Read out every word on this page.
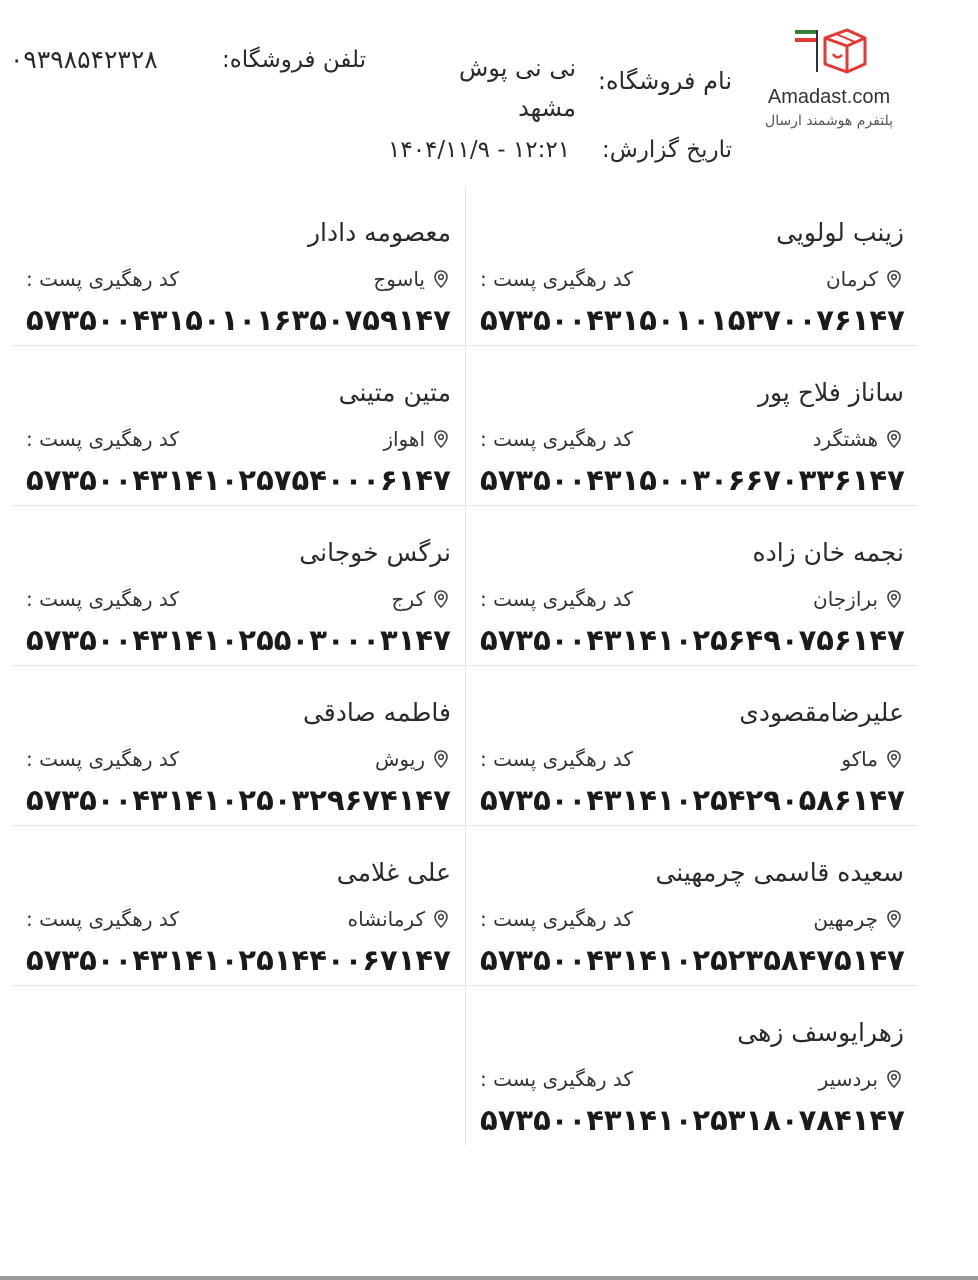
Amadast.com
پلتفرم هوشمند ارسال
نام فروشگاه:
نی نی پوش مشهد
تلفن فروشگاه:
۰۹۳۹۸۵۴۲۳۲۸
تاریخ گزارش:
۱۴۰۴/۱۱/۹ - ۱۲:۲۱
زینب لولویی
کرمان
کد رهگیری پست :
۵۷۳۵۰۰۴۳۱۵۰۱۰۱۵۳۷۰۰۷۶۱۴۷
معصومه دادار
یاسوج
کد رهگیری پست :
۵۷۳۵۰۰۴۳۱۵۰۱۰۱۶۳۵۰۷۵۹۱۴۷
ساناز فلاح پور
هشتگرد
کد رهگیری پست :
۵۷۳۵۰۰۴۳۱۵۰۰۳۰۶۶۷۰۳۳۶۱۴۷
متین متینی
اهواز
کد رهگیری پست :
۵۷۳۵۰۰۴۳۱۴۱۰۲۵۷۵۴۰۰۰۶۱۴۷
نجمه خان زاده
برازجان
کد رهگیری پست :
۵۷۳۵۰۰۴۳۱۴۱۰۲۵۶۴۹۰۷۵۶۱۴۷
نرگس خوجانی
کرج
کد رهگیری پست :
۵۷۳۵۰۰۴۳۱۴۱۰۲۵۵۰۳۰۰۰۳۱۴۷
علیرضامقصودی
ماکو
کد رهگیری پست :
۵۷۳۵۰۰۴۳۱۴۱۰۲۵۴۲۹۰۵۸۶۱۴۷
فاطمه صادقی
ریوش
کد رهگیری پست :
۵۷۳۵۰۰۴۳۱۴۱۰۲۵۰۳۲۹۶۷۴۱۴۷
سعیده قاسمی چرمهینی
چرمهین
کد رهگیری پست :
۵۷۳۵۰۰۴۳۱۴۱۰۲۵۲۳۵۸۴۷۵۱۴۷
علی غلامی
کرمانشاه
کد رهگیری پست :
۵۷۳۵۰۰۴۳۱۴۱۰۲۵۱۴۴۰۰۶۷۱۴۷
زهرایوسف زهی
بردسیر
کد رهگیری پست :
۵۷۳۵۰۰۴۳۱۴۱۰۲۵۳۱۸۰۷۸۴۱۴۷
